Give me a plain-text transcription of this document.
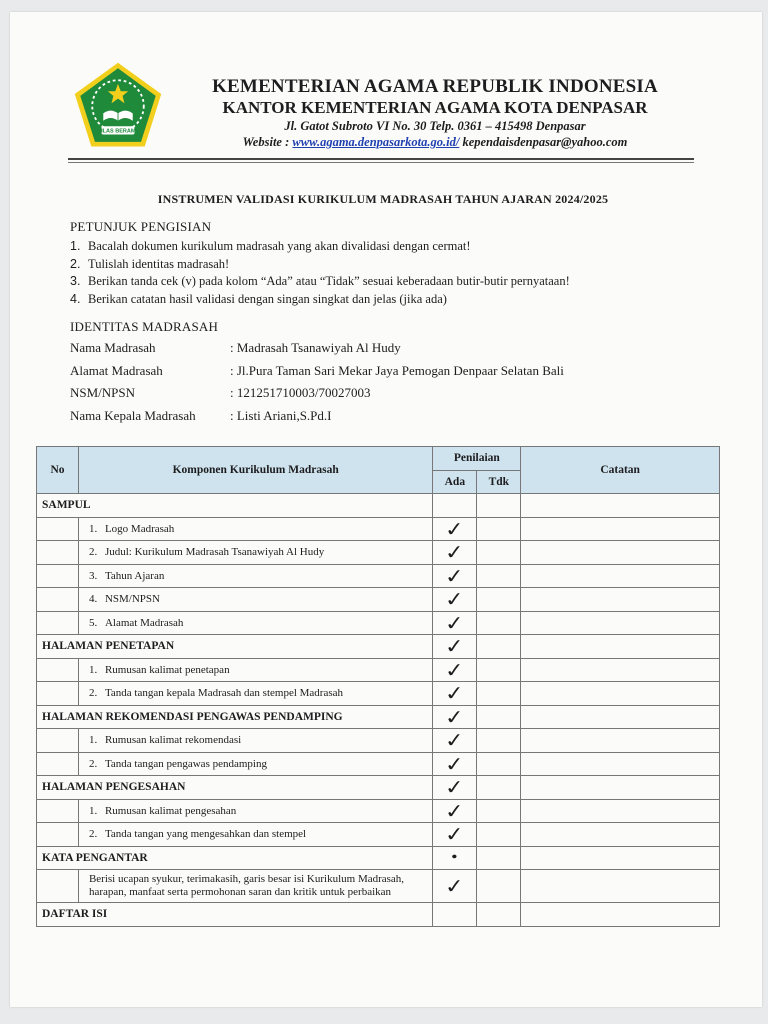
IKHLAS BERAMAL

KEMENTERIAN AGAMA REPUBLIK INDONESIA

KANTOR KEMENTERIAN AGAMA KOTA DENPASAR

Jl. Gatot Subroto VI No. 30 Telp. 0361 – 415498 Denpasar

Website : www.agama.denpasarkota.go.id/ kependaisdenpasar@yahoo.com

INSTRUMEN VALIDASI KURIKULUM MADRASAH TAHUN AJARAN 2024/2025
PETUNJUK PENGISIAN
1. Bacalah dokumen kurikulum madrasah yang akan divalidasi dengan cermat!
2. Tulislah identitas madrasah!
3. Berikan tanda cek (v) pada kolom “Ada” atau “Tidak” sesuai keberadaan butir-butir pernyataan!
4. Berikan catatan hasil validasi dengan singan singkat dan jelas (jika ada)
IDENTITAS MADRASAH
Nama Madrasah	: Madrasah Tsanawiyah Al Hudy
Alamat Madrasah	: Jl.Pura Taman Sari Mekar Jaya Pemogan Denpaar Selatan Bali
NSM/NPSN	: 121251710003/70027003
Nama Kepala Madrasah	: Listi Ariani,S.Pd.I
No	Komponen Kurikulum Madrasah	Penilaian		Catatan
		Ada	Tdk	
SAMPUL				
	1. Logo Madrasah	✓		
	2. Judul: Kurikulum Madrasah Tsanawiyah Al Hudy	✓		
	3. Tahun Ajaran	✓		
	4. NSM/NPSN	✓		
	5. Alamat Madrasah	✓		
HALAMAN PENETAPAN		✓		
	1. Rumusan kalimat penetapan	✓		
	2. Tanda tangan kepala Madrasah dan stempel Madrasah	✓		
HALAMAN REKOMENDASI PENGAWAS PENDAMPING		✓		
	1. Rumusan kalimat rekomendasi	✓		
	2. Tanda tangan pengawas pendamping	✓		
HALAMAN PENGESAHAN		✓		
	1. Rumusan kalimat pengesahan	✓		
	2. Tanda tangan yang mengesahkan dan stempel	✓		
KATA PENGANTAR		•		

	Berisi ucapan syukur, terimakasih, garis besar isi Kurikulum Madrasah,
harapan, manfaat serta permohonan saran dan kritik untuk perbaikan	✓		
DAFTAR ISI				
